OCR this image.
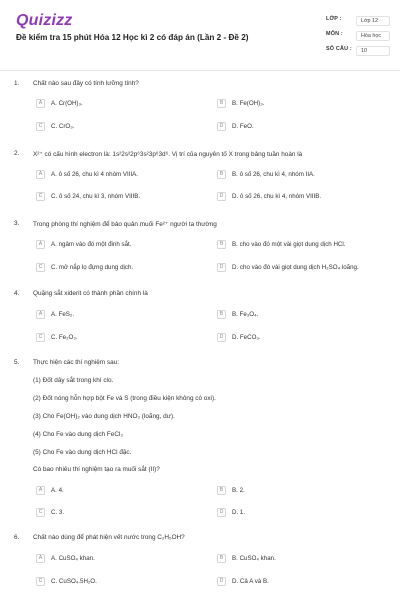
Quizizz
Đề kiểm tra 15 phút Hóa 12 Học kì 2 có đáp án (Lần 2 - Đề 2)
LỚP :	Lớp 12
MÔN :	Hóa học
SỐ CÂU :	10
1. Chất nào sau đây có tính lưỡng tính?
A	A. Cr(OH)₃.	B	B. Fe(OH)₃.
C	C. CrO₃.	D	D. FeO.
2. X²⁺ có cấu hình electron là: 1s²2s²2p⁶3s²3p⁶3d⁶. Vị trí của nguyên tố X trong bảng tuần hoàn là
A	A. ô số 26, chu kì 4 nhóm VIIIA.	B	B. ô số 26, chu kì 4, nhóm IIA.
C	C. ô số 24, chu kì 3, nhóm VIIIB.	D	D. ô số 26, chu kì 4, nhóm VIIIB.
3. Trong phòng thí nghiệm để bảo quản muối Fe²⁺ người ta thường
A	A. ngâm vào đó một đinh sắt.	B	B. cho vào đó một vài giọt dung dịch HCl.
C	C. mở nắp lọ đựng dung dịch.	D	D. cho vào đó vài giọt dung dịch H₂SO₄ loãng.
4. Quặng sắt xiderit có thành phần chính là
A	A. FeS₂.	B	B. Fe₃O₄.
C	C. Fe₂O₃.	D	D. FeCO₃.
5. Thực hiện các thí nghiệm sau:
(1) Đốt dây sắt trong khí clo.
(2) Đốt nóng hỗn hợp bột Fe và S (trong điều kiện không có oxi).
(3) Cho Fe(OH)₂ vào dung dịch HNO₃ (loãng, dư).
(4) Cho Fe vào dung dịch FeCl₃
(5) Cho Fe vào dung dịch HCl đặc.
Có bao nhiêu thí nghiệm tạo ra muối sắt (II)?
A	A. 4.	B	B. 2.
C	C. 3.	D	D. 1.
6. Chất nào dùng để phát hiện vết nước trong C₂H₅OH?
A	A. CuSO₄ khan.	B	B. CuSO₄ khan.
C	C. CuSO₄.5H₂O.	D	D. Cả A và B.
